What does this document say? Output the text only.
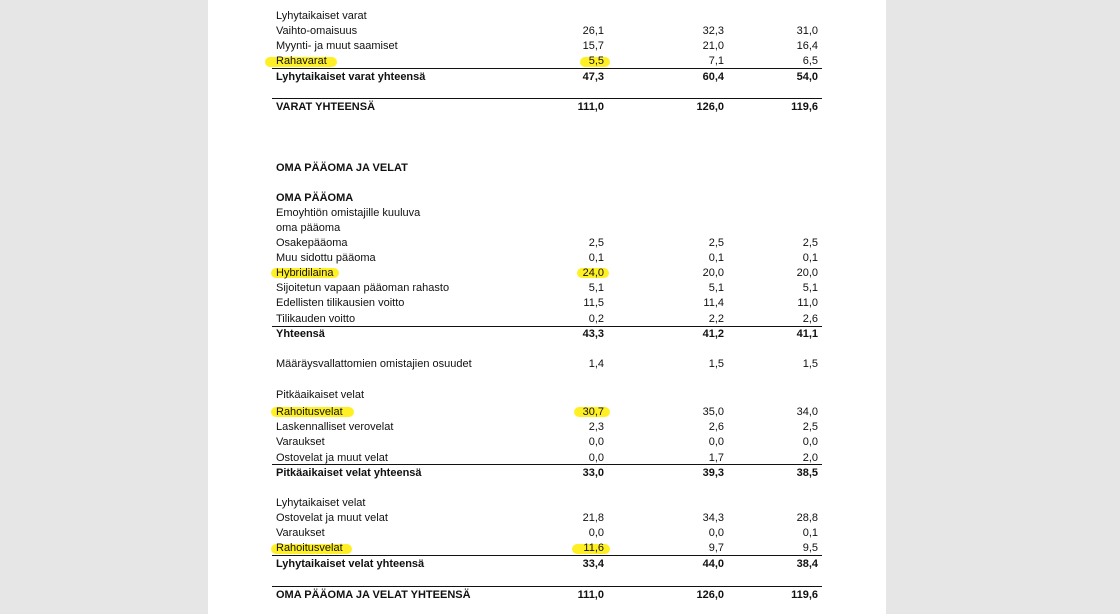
Lyhytaikaiset varat
Vaihto-omaisuus	26,1	32,3	31,0
Myynti- ja muut saamiset	15,7	21,0	16,4
Rahavarat	5,5	7,1	6,5
Lyhytaikaiset varat yhteensä	47,3	60,4	54,0
VARAT YHTEENSÄ	111,0	126,0	119,6
OMA PÄÄOMA JA VELAT
OMA PÄÄOMA
Emoyhtiön omistajille kuuluva
oma pääoma
Osakepääoma	2,5	2,5	2,5
Muu sidottu pääoma	0,1	0,1	0,1
Hybridilaina	24,0	20,0	20,0
Sijoitetun vapaan pääoman rahasto	5,1	5,1	5,1
Edellisten tilikausien voitto	11,5	11,4	11,0
Tilikauden voitto	0,2	2,2	2,6
Yhteensä	43,3	41,2	41,1
Määräysvallattomien omistajien osuudet	1,4	1,5	1,5
Pitkäaikaiset velat
Rahoitusvelat	30,7	35,0	34,0
Laskennalliset verovelat	2,3	2,6	2,5
Varaukset	0,0	0,0	0,0
Ostovelat ja muut velat	0,0	1,7	2,0
Pitkäaikaiset velat yhteensä	33,0	39,3	38,5
Lyhytaikaiset velat
Ostovelat ja muut velat	21,8	34,3	28,8
Varaukset	0,0	0,0	0,1
Rahoitusvelat	11,6	9,7	9,5
Lyhytaikaiset velat yhteensä	33,4	44,0	38,4
OMA PÄÄOMA JA VELAT YHTEENSÄ	111,0	126,0	119,6
